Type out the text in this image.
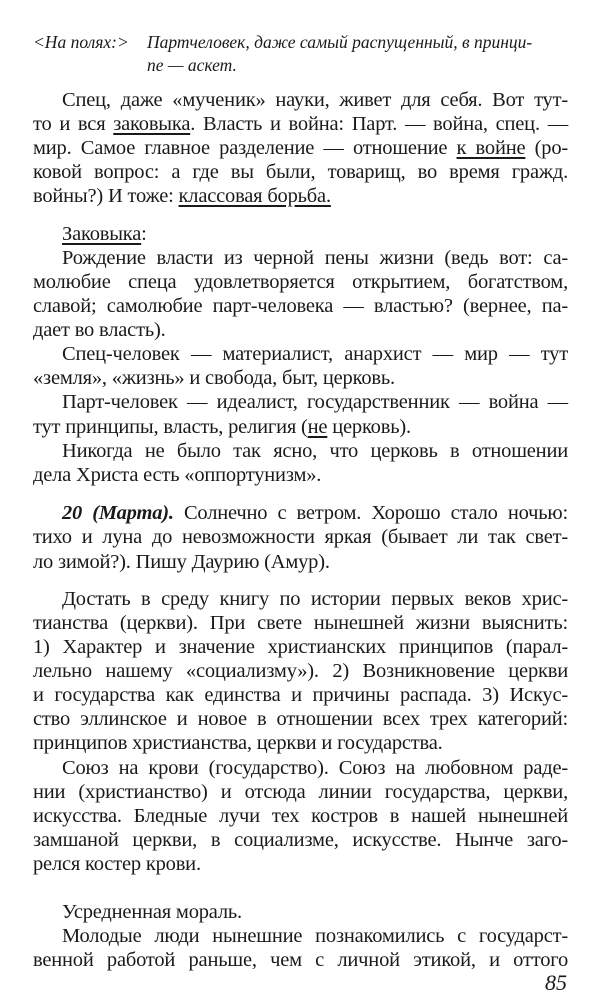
<На полях:> Партчеловек, даже самый распущенный, в принци-
пе — аскет.
Спец, даже «мученик» науки, живет для себя. Вот тут-
то и вся заковыка. Власть и война: Парт. — война, спец. —
мир. Самое главное разделение — отношение к войне (ро-
ковой вопрос: а где вы были, товарищ, во время гражд.
войны?) И тоже: классовая борьба.
Заковыка:
Рождение власти из черной пены жизни (ведь вот: са-
молюбие спеца удовлетворяется открытием, богатством,
славой; самолюбие парт-человека — властью? (вернее, па-
дает во власть).
Спец-человек — материалист, анархист — мир — тут
«земля», «жизнь» и свобода, быт, церковь.
Парт-человек — идеалист, государственник — война —
тут принципы, власть, религия (не церковь).
Никогда не было так ясно, что церковь в отношении
дела Христа есть «оппортунизм».
20 (Марта). Солнечно с ветром. Хорошо стало ночью:
тихо и луна до невозможности яркая (бывает ли так свет-
ло зимой?). Пишу Даурию (Амур).
Достать в среду книгу по истории первых веков хрис-
тианства (церкви). При свете нынешней жизни выяснить:
1) Характер и значение христианских принципов (парал-
лельно нашему «социализму»). 2) Возникновение церкви
и государства как единства и причины распада. 3) Искус-
ство эллинское и новое в отношении всех трех категорий:
принципов христианства, церкви и государства.
Союз на крови (государство). Союз на любовном раде-
нии (христианство) и отсюда линии государства, церкви,
искусства. Бледные лучи тех костров в нашей нынешней
замшаной церкви, в социализме, искусстве. Нынче заго-
релся костер крови.
Усредненная мораль.
Молодые люди нынешние познакомились с государст-
венной работой раньше, чем с личной этикой, и оттого
85
